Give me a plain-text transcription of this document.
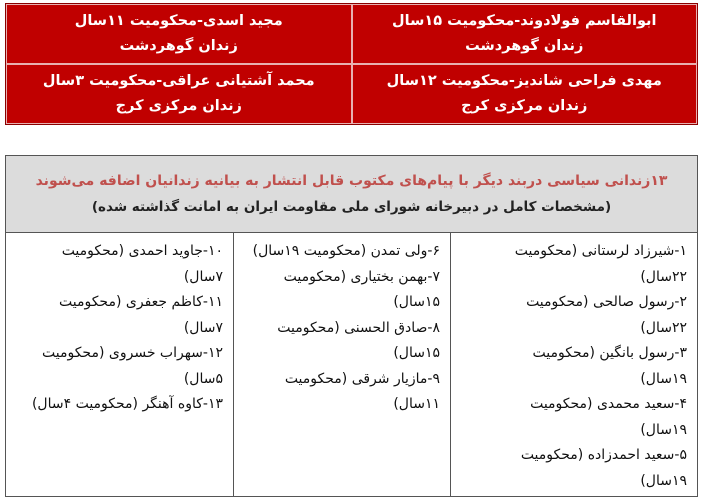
ابوالقاسم فولادوند-محکومیت ۱۵سال
زندان گوهردشت
مجید اسدی-محکومیت ۱۱سال
زندان گوهردشت
مهدی فراحی شاندیز-محکومیت ۱۲سال
زندان مرکزی کرج
محمد آشتیانی عراقی-محکومیت ۳سال
زندان مرکزی کرج
۱۳زندانی سیاسی دربند دیگر با پیام‌های مکتوب قابل انتشار به بیانیه زندانیان اضافه می‌شوند
(مشخصات کامل در دبیرخانه شورای ملی مقاومت ایران به امانت گذاشته شده)
۱-شیرزاد لرستانی (محکومیت
۲۲سال)
۲-رسول صالحی (محکومیت
۲۲سال)
۳-رسول بانگین (محکومیت
۱۹سال)
۴-سعید محمدی (محکومیت
۱۹سال)
۵-سعید احمدزاده (محکومیت
۱۹سال)
۶-ولی تمدن (محکومیت ۱۹سال)
۷-بهمن بختیاری (محکومیت
۱۵سال)
۸-صادق الحسنی (محکومیت
۱۵سال)
۹-مازیار شرقی (محکومیت ۱۱سال)
۱۰-جاوید احمدی (محکومیت
۷سال)
۱۱-کاظم جعفری (محکومیت
۷سال)
۱۲-سهراب خسروی (محکومیت
۵سال)
۱۳-کاوه آهنگر (محکومیت ۴سال)
